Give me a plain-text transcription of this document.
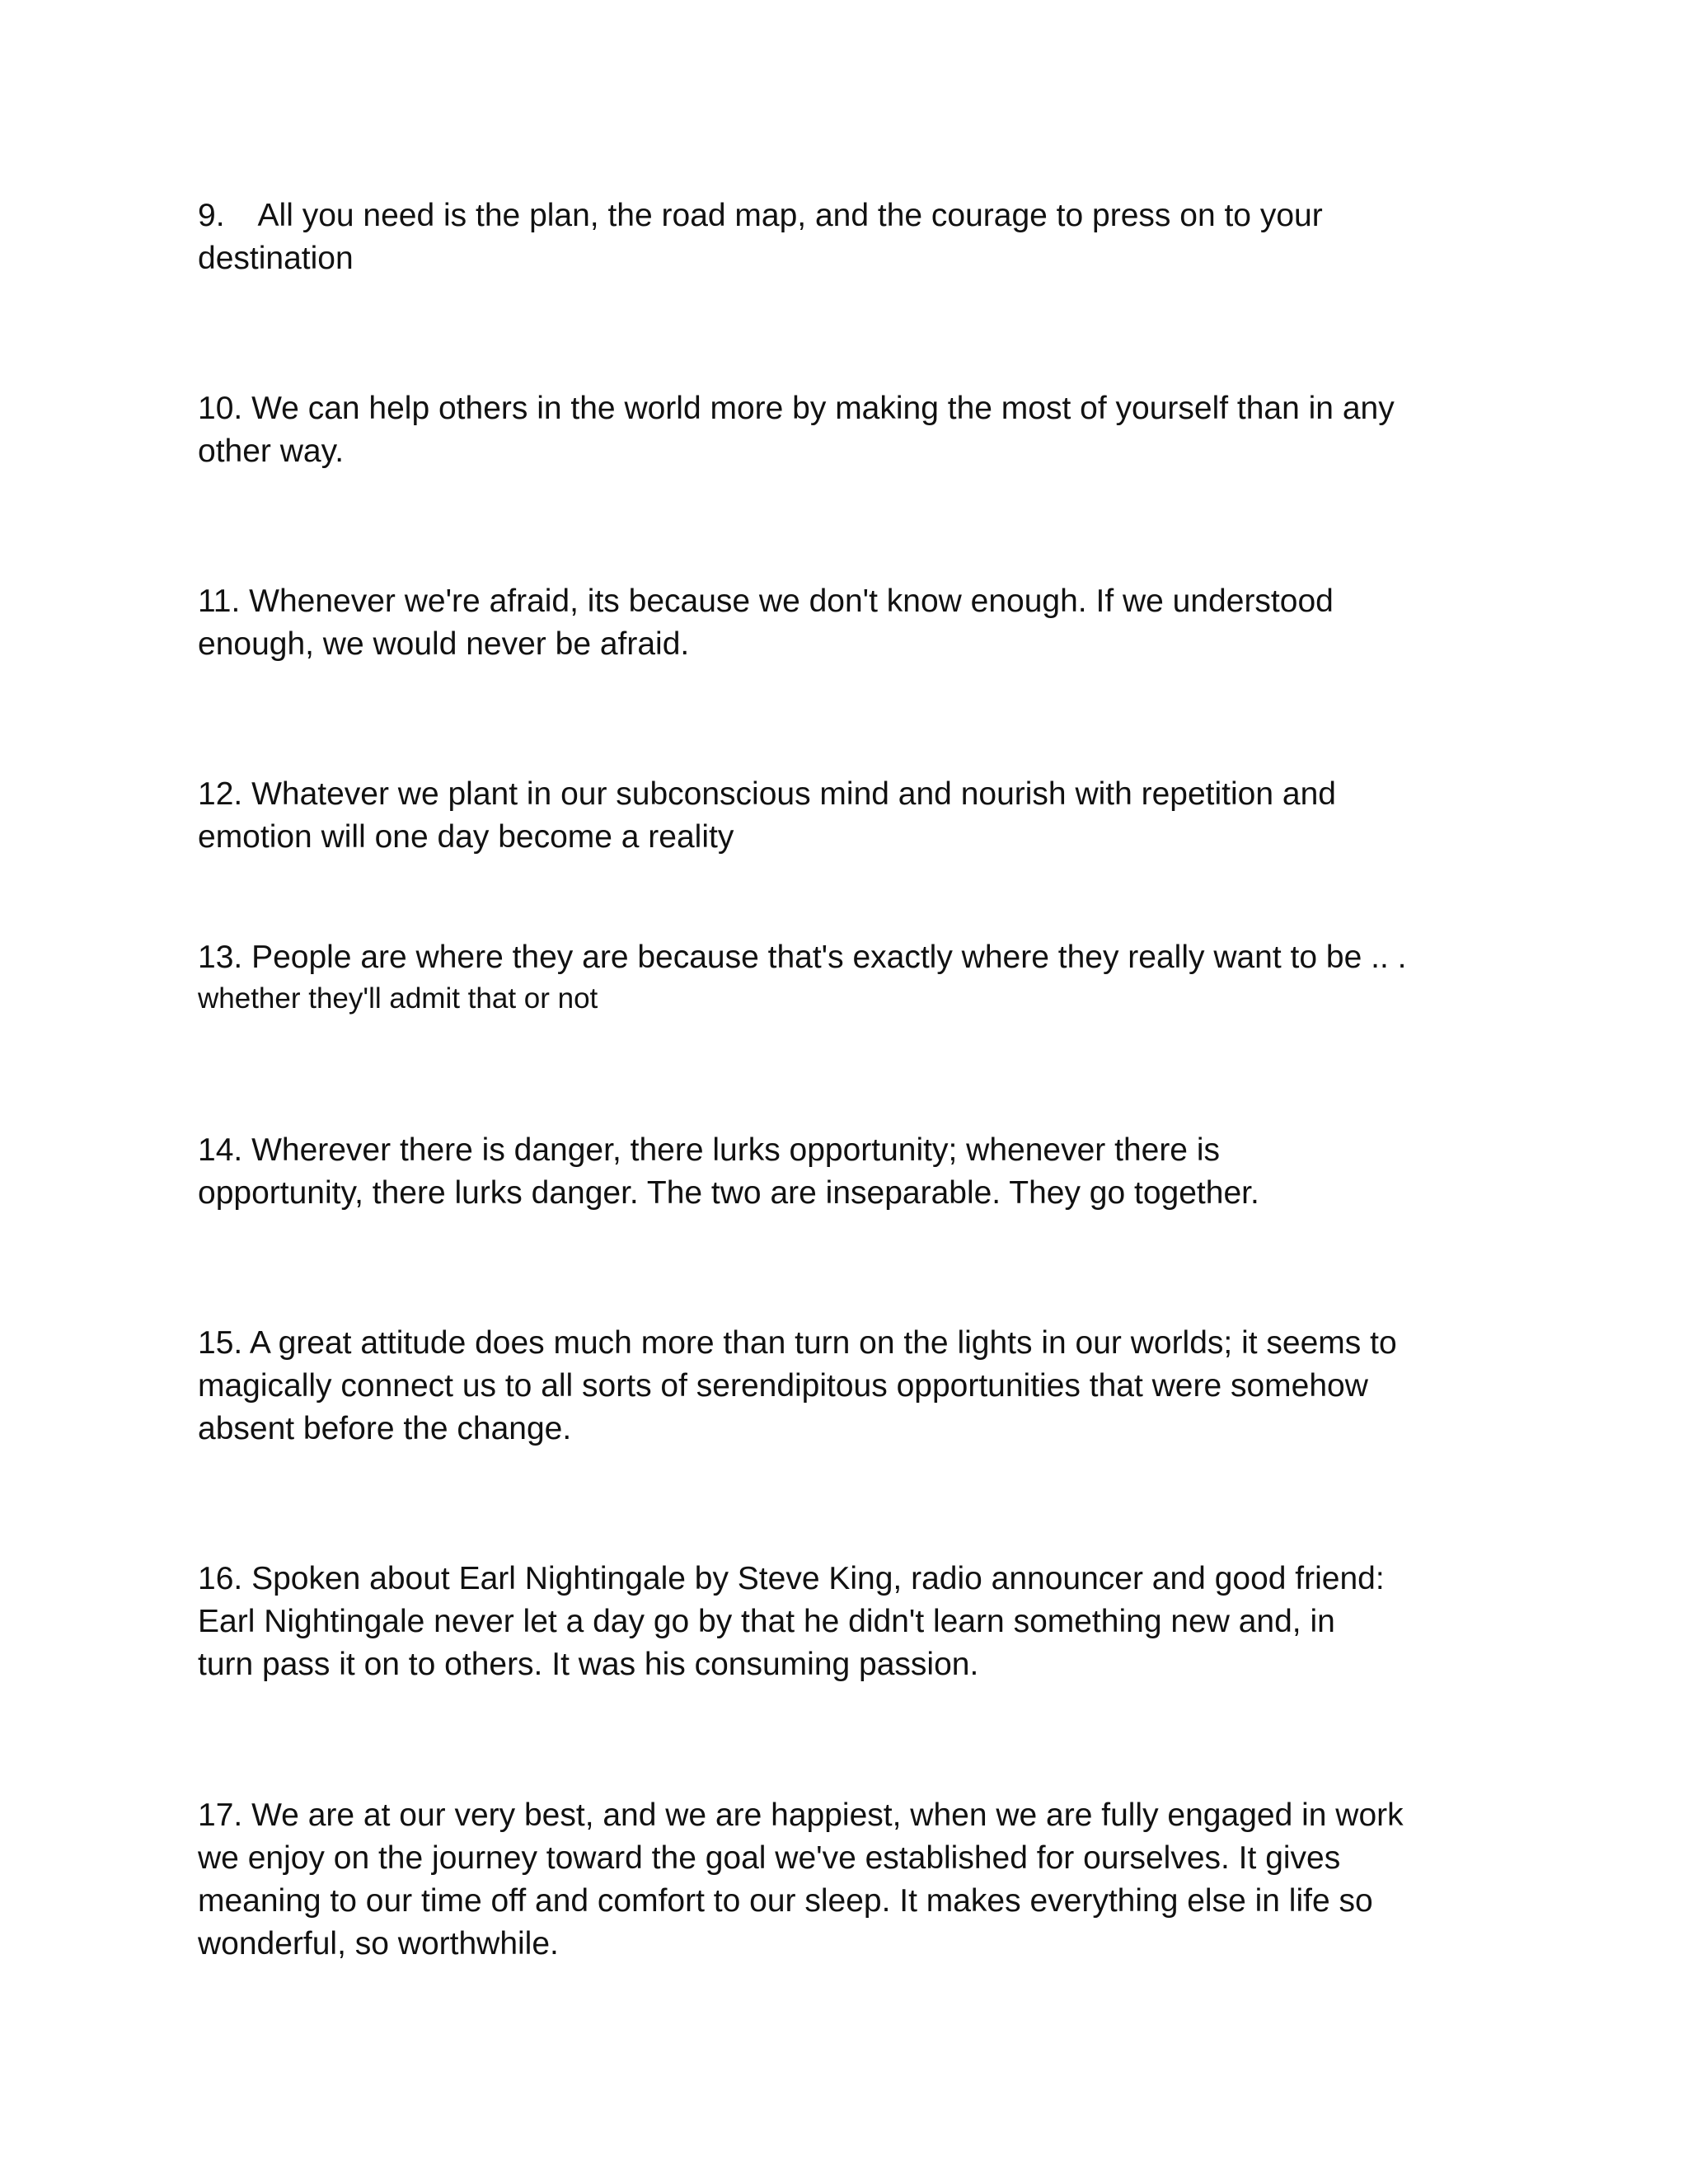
9. All you need is the plan, the road map, and the courage to press on to your
destination
10. We can help others in the world more by making the most of yourself than in any
other way.
11. Whenever we're afraid, its because we don't know enough. If we understood
enough, we would never be afraid.
12. Whatever we plant in our subconscious mind and nourish with repetition and
emotion will one day become a reality
13. People are where they are because that's exactly where they really want to be .. .
whether they'll admit that or not
14. Wherever there is danger, there lurks opportunity; whenever there is
opportunity, there lurks danger. The two are inseparable. They go together.
15. A great attitude does much more than turn on the lights in our worlds; it seems to
magically connect us to all sorts of serendipitous opportunities that were somehow
absent before the change.
16. Spoken about Earl Nightingale by Steve King, radio announcer and good friend:
Earl Nightingale never let a day go by that he didn't learn something new and, in
turn pass it on to others. It was his consuming passion.
17. We are at our very best, and we are happiest, when we are fully engaged in work
we enjoy on the journey toward the goal we've established for ourselves. It gives
meaning to our time off and comfort to our sleep. It makes everything else in life so
wonderful, so worthwhile.
